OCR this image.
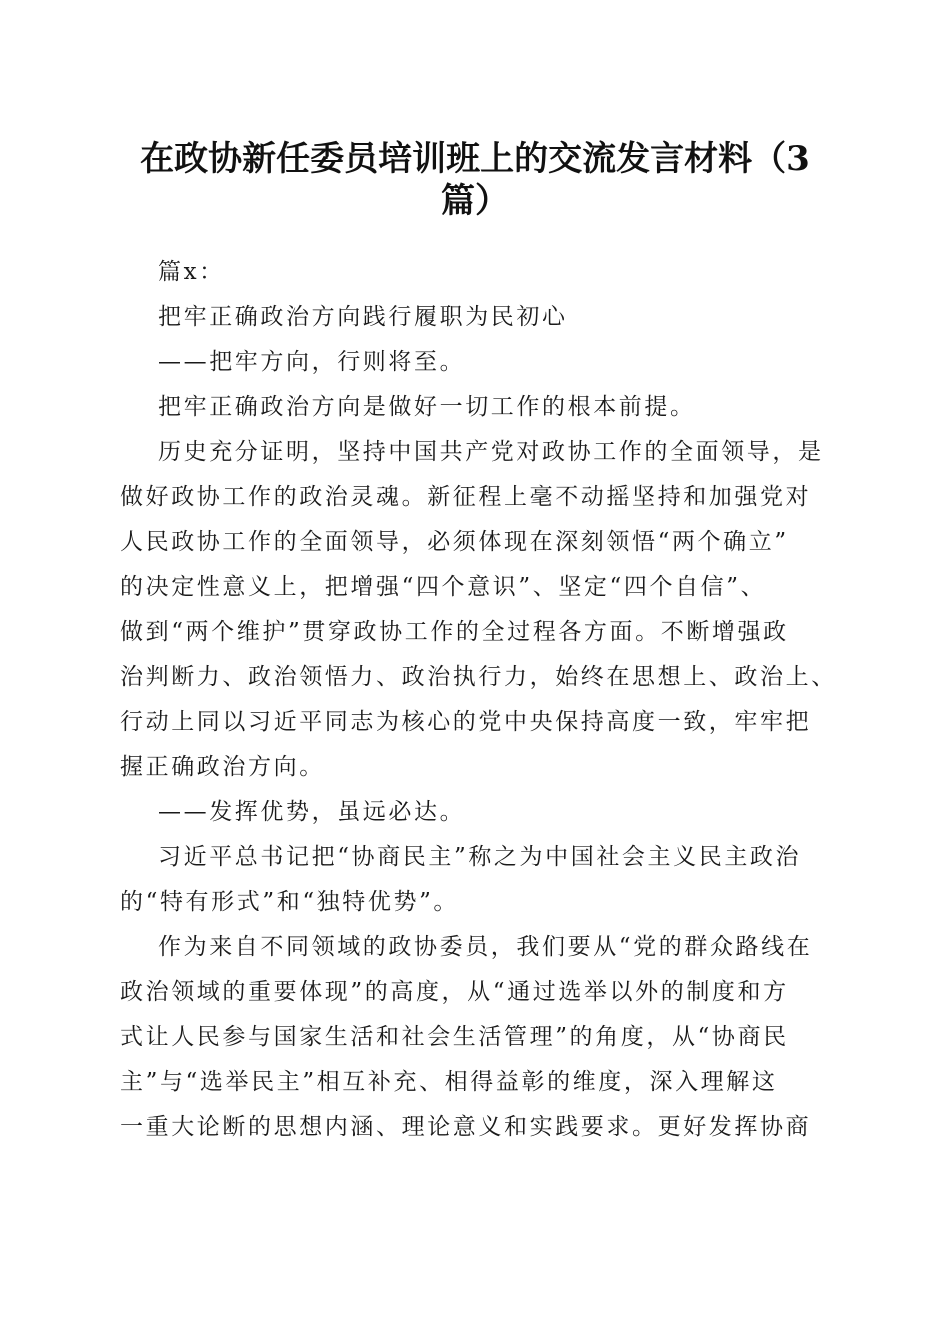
在政协新任委员培训班上的交流发言材料（3
篇）

篇x：

把牢正确政治方向践行履职为民初心

——把牢方向，行则将至。

把牢正确政治方向是做好一切工作的根本前提。

历史充分证明，坚持中国共产党对政协工作的全面领导，是

做好政协工作的政治灵魂。新征程上毫不动摇坚持和加强党对

人民政协工作的全面领导，必须体现在深刻领悟“两个确立”

的决定性意义上，把增强“四个意识”、坚定“四个自信”、

做到“两个维护”贯穿政协工作的全过程各方面。不断增强政

治判断力、政治领悟力、政治执行力，始终在思想上、政治上、

行动上同以习近平同志为核心的党中央保持高度一致，牢牢把

握正确政治方向。

——发挥优势，虽远必达。

习近平总书记把“协商民主”称之为中国社会主义民主政治

的“特有形式”和“独特优势”。

作为来自不同领域的政协委员，我们要从“党的群众路线在

政治领域的重要体现”的高度，从“通过选举以外的制度和方

式让人民参与国家生活和社会生活管理”的角度，从“协商民

主”与“选举民主”相互补充、相得益彰的维度，深入理解这

一重大论断的思想内涵、理论意义和实践要求。更好发挥协商
